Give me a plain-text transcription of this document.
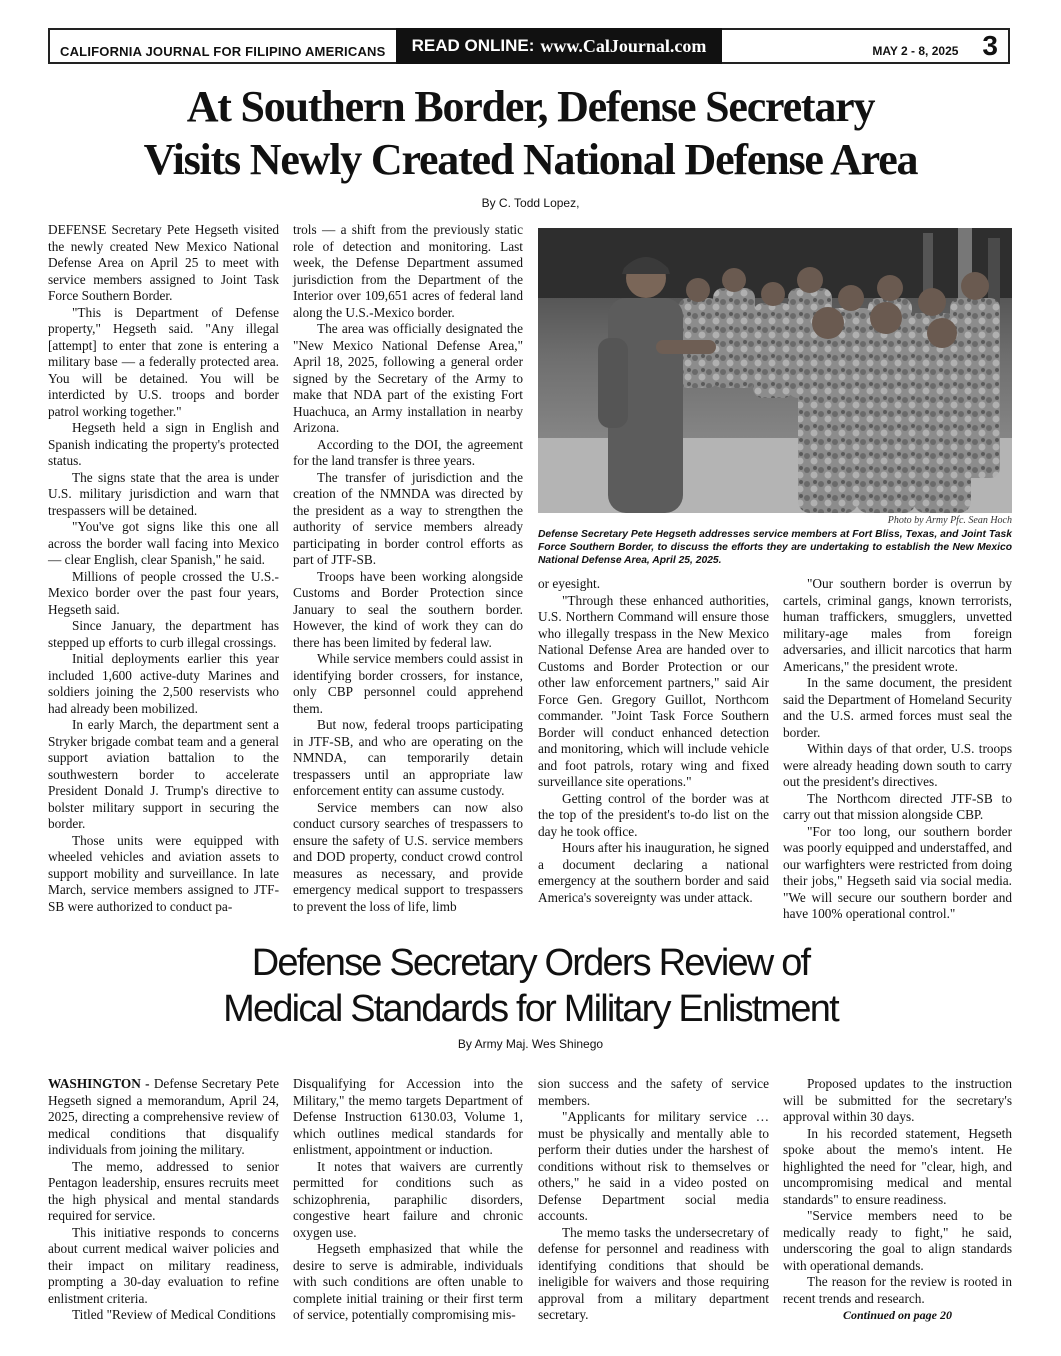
CALIFORNIA JOURNAL FOR FILIPINO AMERICANS READ ONLINE: www.CalJournal.com	MAY 2 - 8, 2025 3
At Southern Border, Defense Secretary
Visits Newly Created National Defense Area
By C. Todd Lopez,

DEFENSE Secretary Pete Hegseth visited the newly created New Mexico National Defense Area on April 25 to meet with service members assigned to Joint Task Force Southern Border.

"This is Department of Defense property," Hegseth said. "Any illegal [attempt] to enter that zone is entering a military base — a federally protected area. You will be detained. You will be interdicted by U.S. troops and border patrol working together."

Hegseth held a sign in English and Spanish indicating the property's protected status.

The signs state that the area is under U.S. military jurisdiction and warn that trespassers will be detained.

"You've got signs like this one all across the border wall facing into Mexico — clear English, clear Spanish," he said.

Millions of people crossed the U.S.-Mexico border over the past four years, Hegseth said.

Since January, the department has stepped up efforts to curb illegal crossings.

Initial deployments earlier this year included 1,600 active-duty Marines and soldiers joining the 2,500 reservists who had already been mobilized.

In early March, the department sent a Stryker brigade combat team and a general support aviation battalion to the southwestern border to accelerate President Donald J. Trump's directive to bolster military support in securing the border.

Those units were equipped with wheeled vehicles and aviation assets to support mobility and surveillance. In late March, service members assigned to JTF-SB were authorized to conduct pa-

trols — a shift from the previously static role of detection and monitoring. Last week, the Defense Department assumed jurisdiction from the Department of the Interior over 109,651 acres of federal land along the U.S.-Mexico border.

The area was officially designated the "New Mexico National Defense Area," April 18, 2025, following a general order signed by the Secretary of the Army to make that NDA part of the existing Fort Huachuca, an Army installation in nearby Arizona.

According to the DOI, the agreement for the land transfer is three years.

The transfer of jurisdiction and the creation of the NMNDA was directed by the president as a way to strengthen the authority of service members already participating in border control efforts as part of JTF-SB.

Troops have been working alongside Customs and Border Protection since January to seal the southern border. However, the kind of work they can do there has been limited by federal law.

While service members could assist in identifying border crossers, for instance, only CBP personnel could apprehend them.

But now, federal troops participating in JTF-SB, and who are operating on the NMNDA, can temporarily detain trespassers until an appropriate law enforcement entity can assume custody.

Service members can now also conduct cursory searches of trespassers to ensure the safety of U.S. service members and DOD property, conduct crowd control measures as necessary, and provide emergency medical support to trespassers to prevent the loss of life, limb

Photo by Army Pfc. Sean Hoch
Defense Secretary Pete Hegseth addresses service members at Fort Bliss, Texas, and Joint Task Force Southern Border, to discuss the efforts they are undertaking to establish the New Mexico National Defense Area, April 25, 2025.

or eyesight.

"Through these enhanced authorities, U.S. Northern Command will ensure those who illegally trespass in the New Mexico National Defense Area are handed over to Customs and Border Protection or our other law enforcement partners," said Air Force Gen. Gregory Guillot, Northcom commander. "Joint Task Force Southern Border will conduct enhanced detection and monitoring, which will include vehicle and foot patrols, rotary wing and fixed surveillance site operations."

Getting control of the border was at the top of the president's to-do list on the day he took office.

Hours after his inauguration, he signed a document declaring a national emergency at the southern border and said America's sovereignty was under attack.

"Our southern border is overrun by cartels, criminal gangs, known terrorists, human traffickers, smugglers, unvetted military-age males from foreign adversaries, and illicit narcotics that harm Americans," the president wrote.

In the same document, the president said the Department of Homeland Security and the U.S. armed forces must seal the border.

Within days of that order, U.S. troops were already heading down south to carry out the president's directives.

The Northcom directed JTF-SB to carry out that mission alongside CBP.

"For too long, our southern border was poorly equipped and understaffed, and our warfighters were restricted from doing their jobs," Hegseth said via social media. "We will secure our southern border and have 100% operational control."

Defense Secretary Orders Review of
Medical Standards for Military Enlistment
By Army Maj. Wes Shinego

WASHINGTON - Defense Secretary Pete Hegseth signed a memorandum, April 24, 2025, directing a comprehensive review of medical conditions that disqualify individuals from joining the military.

The memo, addressed to senior Pentagon leadership, ensures recruits meet the high physical and mental standards required for service.

This initiative responds to concerns about current medical waiver policies and their impact on military readiness, prompting a 30-day evaluation to refine enlistment criteria.

Titled "Review of Medical Conditions

Disqualifying for Accession into the Military," the memo targets Department of Defense Instruction 6130.03, Volume 1, which outlines medical standards for enlistment, appointment or induction.

It notes that waivers are currently permitted for conditions such as schizophrenia, paraphilic disorders, congestive heart failure and chronic oxygen use.

Hegseth emphasized that while the desire to serve is admirable, individuals with such conditions are often unable to complete initial training or their first term of service, potentially compromising mis-

sion success and the safety of service members.

"Applicants for military service … must be physically and mentally able to perform their duties under the harshest of conditions without risk to themselves or others," he said in a video posted on Defense Department social media accounts.

The memo tasks the undersecretary of defense for personnel and readiness with identifying conditions that should be ineligible for waivers and those requiring approval from a military department secretary.

Proposed updates to the instruction will be submitted for the secretary's approval within 30 days.

In his recorded statement, Hegseth spoke about the memo's intent. He highlighted the need for "clear, high, and uncompromising medical and mental standards" to ensure readiness.

"Service members need to be medically ready to fight," he said, underscoring the goal to align standards with operational demands.

The reason for the review is rooted in recent trends and research.

Continued on page 20
